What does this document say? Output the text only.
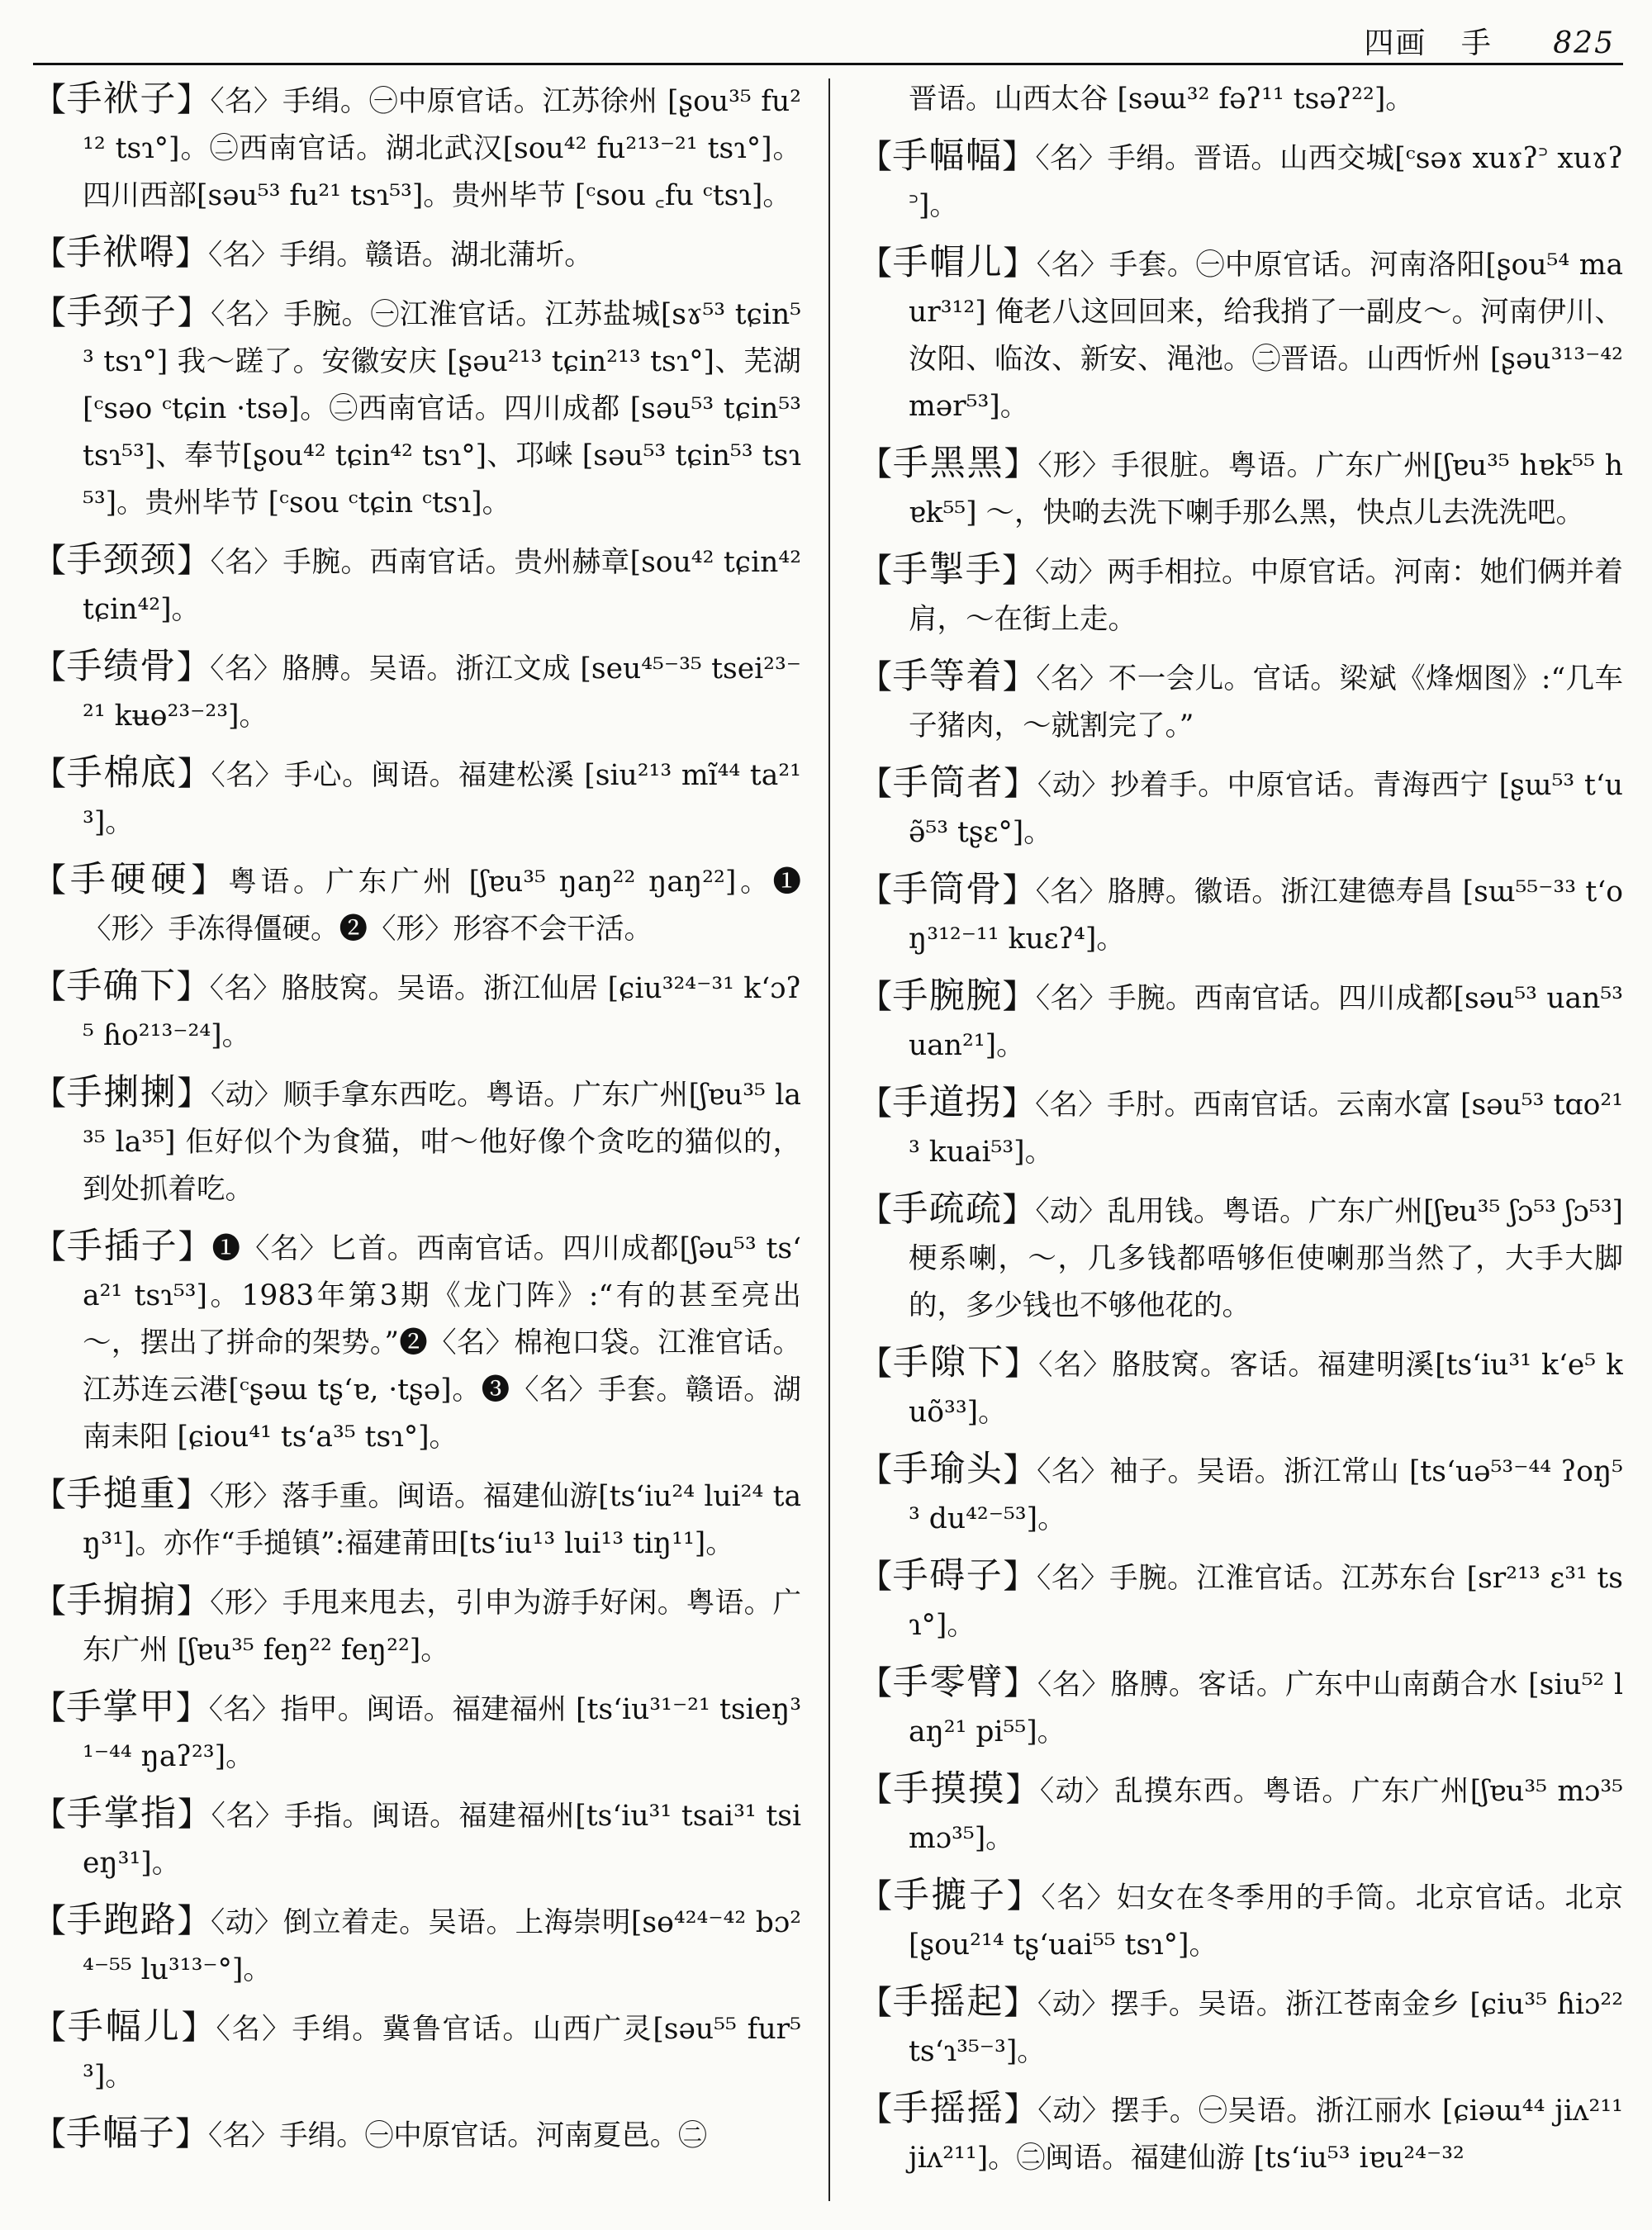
四画 手 825

【手袱子】〈名〉手绢。㊀中原官话。江苏徐州 [ʂou³⁵ fu²¹² tsɿ°]。㊁西南官话。湖北武汉[sou⁴² fu²¹³⁻²¹ tsɿ°]。四川西部[səu⁵³ fu²¹ tsɿ⁵³]。贵州毕节 [ᶜsou ꜀fu ᶜtsɿ]。

【手袱嘚】〈名〉手绢。赣语。湖北蒲圻。

【手颈子】〈名〉手腕。㊀江淮官话。江苏盐城[sɤ⁵³ tɕin⁵³ tsɿ°] 我～蹉了。安徽安庆 [ʂəu²¹³ tɕin²¹³ tsɿ°]、芜湖[ᶜsəo ᶜtɕin ·tsə]。㊁西南官话。四川成都 [səu⁵³ tɕin⁵³ tsɿ⁵³]、奉节[ʂou⁴² tɕin⁴² tsɿ°]、邛崃 [səu⁵³ tɕin⁵³ tsɿ⁵³]。贵州毕节 [ᶜsou ᶜtɕin ᶜtsɿ]。

【手颈颈】〈名〉手腕。西南官话。贵州赫章[sou⁴² tɕin⁴² tɕin⁴²]。

【手绩骨】〈名〉胳膊。吴语。浙江文成 [seu⁴⁵⁻³⁵ tsei²³⁻²¹ kʉɵ²³⁻²³]。

【手棉底】〈名〉手心。闽语。福建松溪 [siu²¹³ mĩ⁴⁴ ta²¹³]。

【手硬硬】粤语。广东广州 [ʃɐu³⁵ ŋaŋ²² ŋaŋ²²]。❶〈形〉手冻得僵硬。❷〈形〉形容不会干活。

【手确下】〈名〉胳肢窝。吴语。浙江仙居 [ɕiu³²⁴⁻³¹ kʻɔʔ⁵ ɦo²¹³⁻²⁴]。

【手揦揦】〈动〉顺手拿东西吃。粤语。广东广州[ʃɐu³⁵ la³⁵ la³⁵] 佢好似个为食猫，咁～他好像个贪吃的猫似的，到处抓着吃。

【手插子】❶〈名〉匕首。西南官话。四川成都[ʃəu⁵³ tsʻa²¹ tsɿ⁵³]。1983年第3期《龙门阵》:“有的甚至亮出～，摆出了拼命的架势。”❷〈名〉棉袍口袋。江淮官话。江苏连云港[ᶜʂəɯ tʂʻɐ, ·tʂə]。❸〈名〉手套。赣语。湖南耒阳 [ɕiou⁴¹ tsʻa³⁵ tsɿ°]。

【手搥重】〈形〉落手重。闽语。福建仙游[tsʻiu²⁴ lui²⁴ taŋ³¹]。亦作“手搥镇”:福建莆田[tsʻiu¹³ lui¹³ tiŋ¹¹]。

【手掮掮】〈形〉手甩来甩去，引申为游手好闲。粤语。广东广州 [ʃɐu³⁵ feŋ²² feŋ²²]。

【手掌甲】〈名〉指甲。闽语。福建福州 [tsʻiu³¹⁻²¹ tsieŋ³¹⁻⁴⁴ ŋaʔ²³]。

【手掌指】〈名〉手指。闽语。福建福州[tsʻiu³¹ tsai³¹ tsieŋ³¹]。

【手跑路】〈动〉倒立着走。吴语。上海崇明[sɵ⁴²⁴⁻⁴² bɔ²⁴⁻⁵⁵ lu³¹³⁻°]。

【手幅儿】〈名〉手绢。冀鲁官话。山西广灵[səu⁵⁵ fur⁵³]。

【手幅子】〈名〉手绢。㊀中原官话。河南夏邑。㊁

晋语。山西太谷 [səɯ³² fəʔ¹¹ tsəʔ²²]。

【手幅幅】〈名〉手绢。晋语。山西交城[ᶜsəɤ xuɤʔ꜄ xuɤʔ꜄]。

【手帽儿】〈名〉手套。㊀中原官话。河南洛阳[ʂou⁵⁴ maur³¹²] 俺老八这回回来，给我捎了一副皮～。河南伊川、汝阳、临汝、新安、渑池。㊁晋语。山西忻州 [ʂəu³¹³⁻⁴² mər⁵³]。

【手黑黑】〈形〉手很脏。粤语。广东广州[ʃɐu³⁵ hɐk⁵⁵ hɐk⁵⁵] ～，快啲去洗下喇手那么黑，快点儿去洗洗吧。

【手掣手】〈动〉两手相拉。中原官话。河南：她们俩并着肩，～在街上走。

【手等着】〈名〉不一会儿。官话。梁斌《烽烟图》:“几车子猪肉，～就割完了。”

【手筒者】〈动〉抄着手。中原官话。青海西宁 [ʂɯ⁵³ tʻuə̃⁵³ tʂɛ°]。

【手筒骨】〈名〉胳膊。徽语。浙江建德寿昌 [sɯ⁵⁵⁻³³ tʻoŋ³¹²⁻¹¹ kuɛʔ⁴]。

【手腕腕】〈名〉手腕。西南官话。四川成都[səu⁵³ uan⁵³ uan²¹]。

【手道拐】〈名〉手肘。西南官话。云南水富 [səu⁵³ tɑo²¹³ kuai⁵³]。

【手疏疏】〈动〉乱用钱。粤语。广东广州[ʃɐu³⁵ ʃɔ⁵³ ʃɔ⁵³] 梗系喇，～，几多钱都唔够佢使喇那当然了，大手大脚的，多少钱也不够他花的。

【手隙下】〈名〉胳肢窝。客话。福建明溪[tsʻiu³¹ kʻe⁵ kuõ³³]。

【手瑜头】〈名〉袖子。吴语。浙江常山 [tsʻuə⁵³⁻⁴⁴ ʔoŋ⁵³ du⁴²⁻⁵³]。

【手碍子】〈名〉手腕。江淮官话。江苏东台 [sr²¹³ ɛ³¹ tsɿ°]。

【手零臂】〈名〉胳膊。客话。广东中山南蓢合水 [siu⁵² laŋ²¹ pi⁵⁵]。

【手摸摸】〈动〉乱摸东西。粤语。广东广州[ʃɐu³⁵ mɔ³⁵ mɔ³⁵]。

【手摝子】〈名〉妇女在冬季用的手筒。北京官话。北京 [ʂou²¹⁴ tʂʻuai⁵⁵ tsɿ°]。

【手摇起】〈动〉摆手。吴语。浙江苍南金乡 [ɕiu³⁵ ɦiɔ²² tsʻɿ³⁵⁻³]。

【手摇摇】〈动〉摆手。㊀吴语。浙江丽水 [ɕiəɯ⁴⁴ jiʌ²¹¹ jiʌ²¹¹]。㊁闽语。福建仙游 [tsʻiu⁵³ iɐu²⁴⁻³²
